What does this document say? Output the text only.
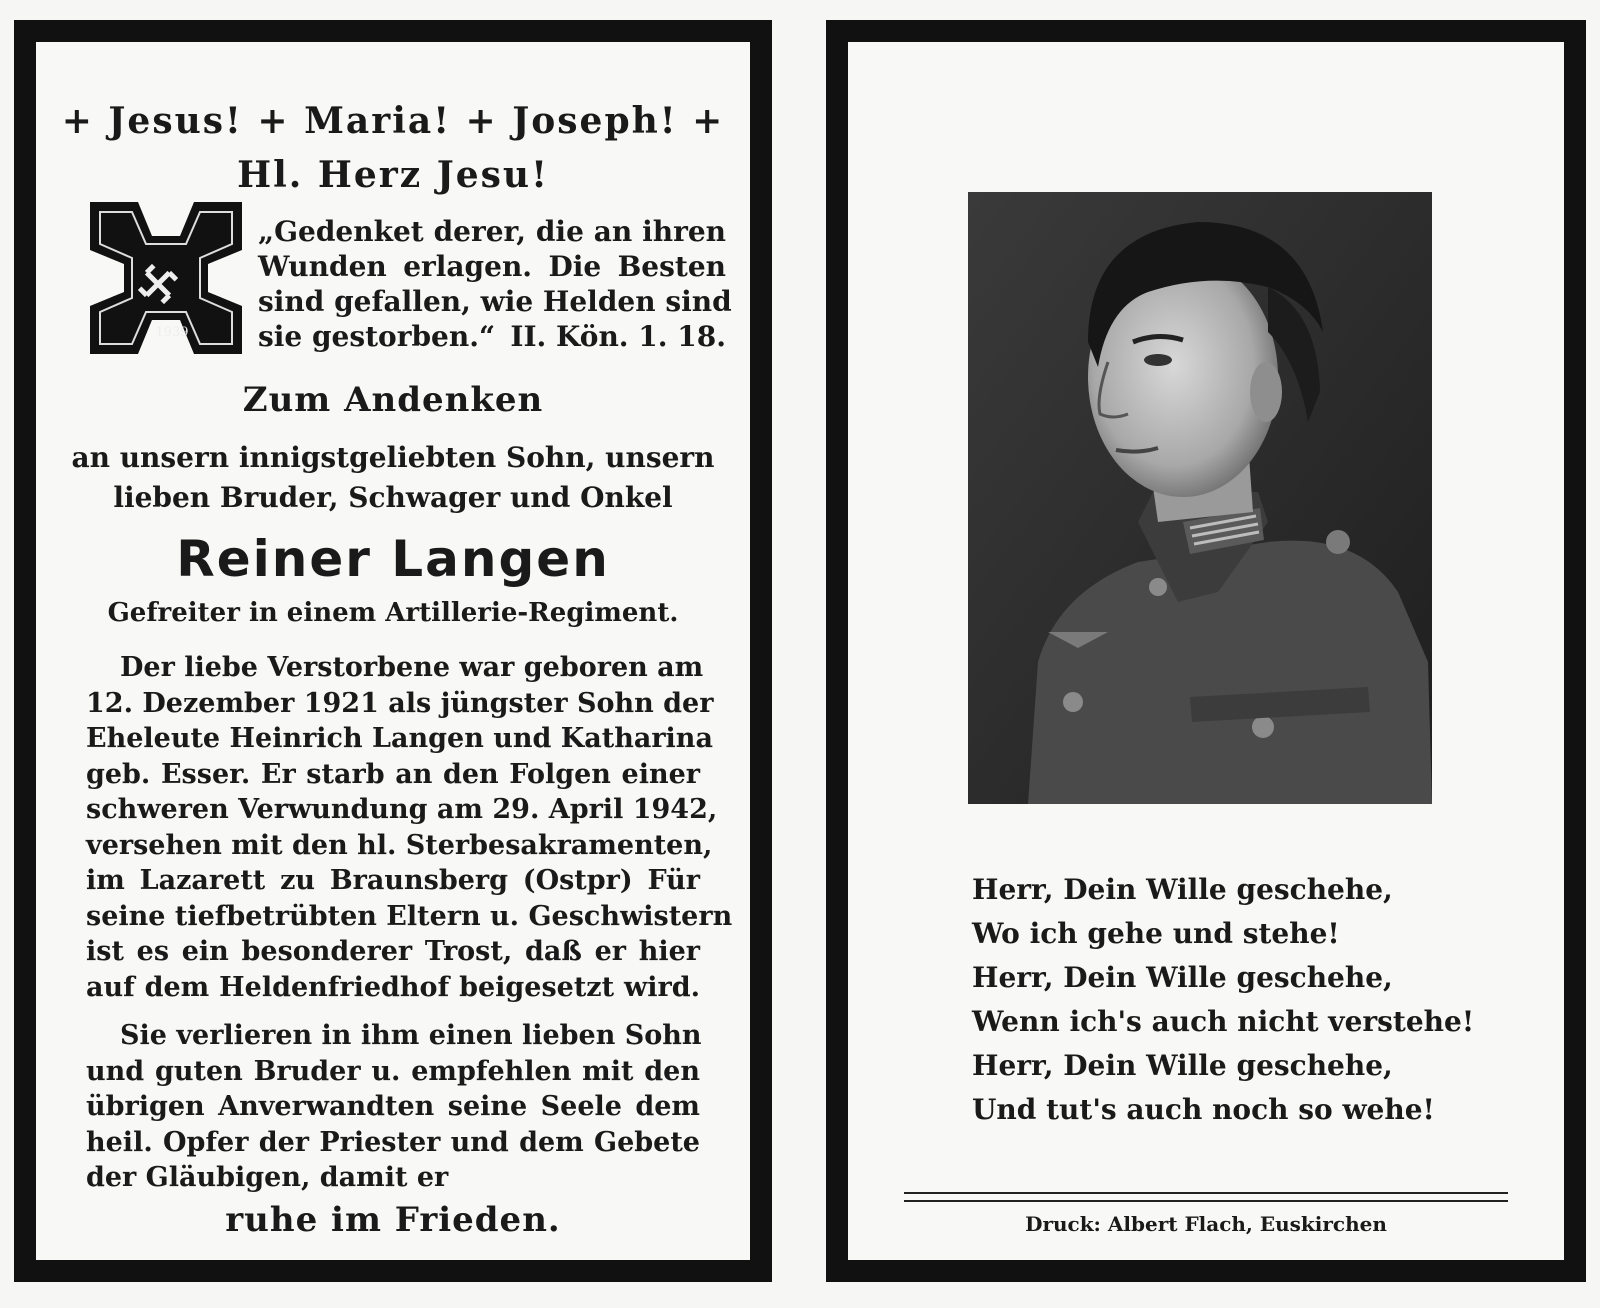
+ Jesus! + Maria! + Joseph! +
Hl. Herz Jesu!
1939
„Gedenket derer, die an ihren
Wunden erlagen. Die Besten
sind gefallen, wie Helden sind
sie gestorben.“ II. Kön. 1. 18.
Zum Andenken
an unsern innigstgeliebten Sohn, unsern
lieben Bruder, Schwager und Onkel
Reiner Langen
Gefreiter in einem Artillerie-Regiment.
Der liebe Verstorbene war geboren am
12. Dezember 1921 als jüngster Sohn der
Eheleute Heinrich Langen und Katharina
geb. Esser. Er starb an den Folgen einer
schweren Verwundung am 29. April 1942,
versehen mit den hl. Sterbesakramenten,
im Lazarett zu Braunsberg (Ostpr) Für
seine tiefbetrübten Eltern u. Geschwistern
ist es ein besonderer Trost, daß er hier
auf dem Heldenfriedhof beigesetzt wird.
Sie verlieren in ihm einen lieben Sohn
und guten Bruder u. empfehlen mit den
übrigen Anverwandten seine Seele dem
heil. Opfer der Priester und dem Gebete
der Gläubigen, damit er
ruhe im Frieden.
Herr, Dein Wille geschehe,
Wo ich gehe und stehe!
Herr, Dein Wille geschehe,
Wenn ich's auch nicht verstehe!
Herr, Dein Wille geschehe,
Und tut's auch noch so wehe!
Druck: Albert Flach, Euskirchen
